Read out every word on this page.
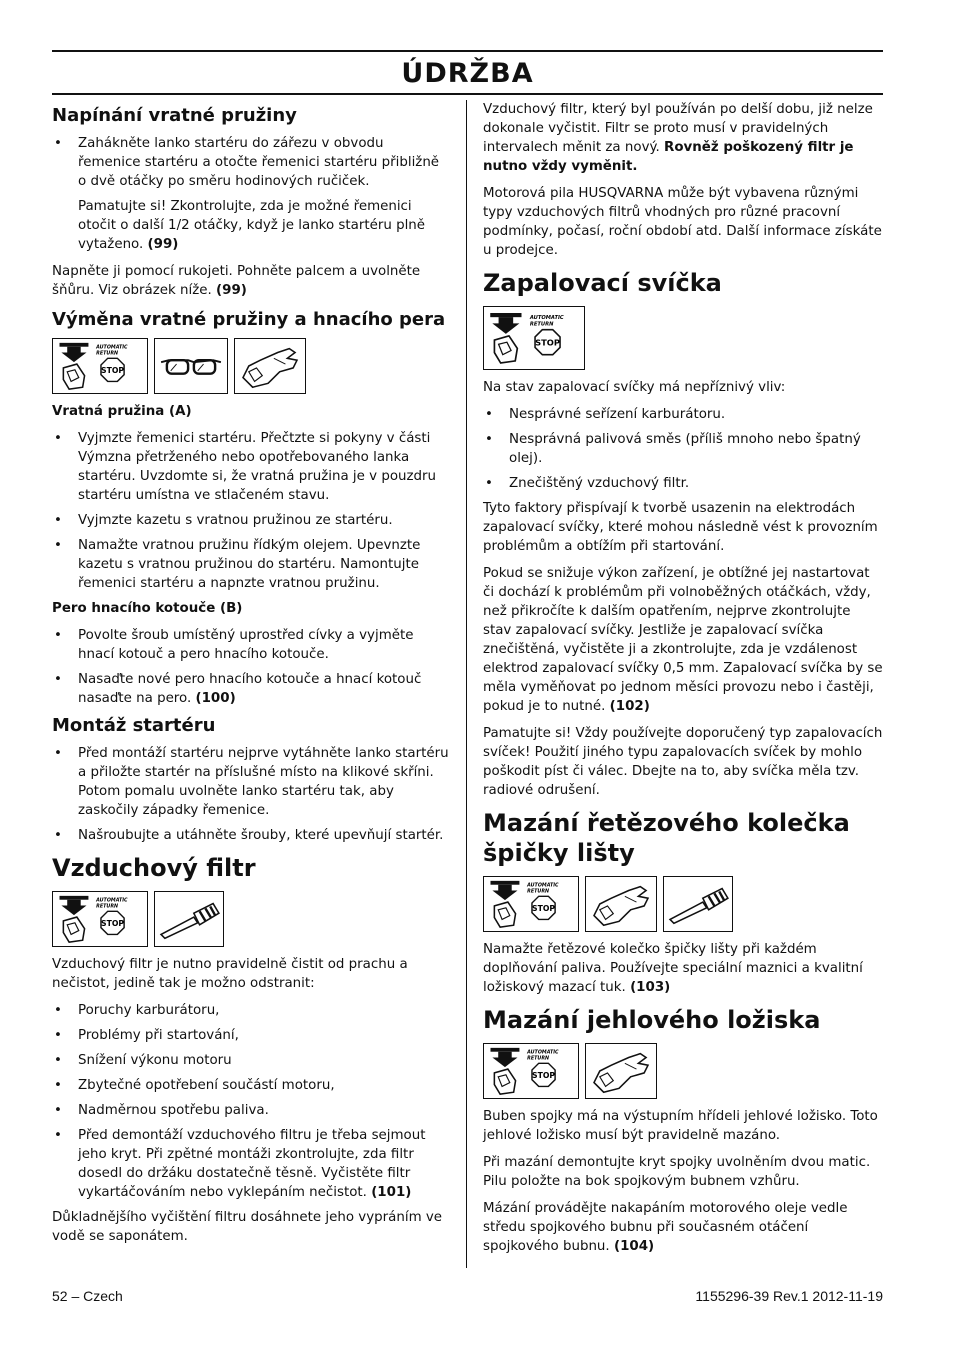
ÚDRŽBA
Napínání vratné pružiny
• Zahákněte lanko startéru do zářezu v obvodu řemenice startéru a otočte řemenici startéru přibližně o dvě otáčky po směru hodinových ručiček.

Pamatujte si! Zkontrolujte, zda je možné řemenici otočit o další 1/2 otáčky, když je lanko startéru plně vytaženo. (99)

Napněte ji pomocí rukojeti. Pohněte palcem a uvolněte šňůru. Viz obrázek níže. (99)

Výměna vratné pružiny a hnacího pera
AUTOMATIC
RETURN
STOP
Vratná pružina (A)
• Vyjmzte řemenici startéru. Přečtzte si pokyny v části Výmzna přetrženého nebo opotřebovaného lanka startéru. Uvzdomte si, že vratná pružina je v pouzdru startéru umístna ve stlačeném stavu.
• Vyjmzte kazetu s vratnou pružinou ze startéru.
• Namažte vratnou pružinu řídkým olejem. Upevnzte kazetu s vratnou pružinou do startéru. Namontujte řemenici startéru a napnzte vratnou pružinu.
Pero hnacího kotouče (B)
• Povolte šroub umístěný uprostřed cívky a vyjměte hnací kotouč a pero hnacího kotouče.
• Nasaďte nové pero hnacího kotouče a hnací kotouč nasaďte na pero. (100)
Montáž startéru
• Před montáží startéru nejprve vytáhněte lanko startéru a přiložte startér na příslušné místo na klikové skříni. Potom pomalu uvolněte lanko startéru tak, aby zaskočily západky řemenice.
• Našroubujte a utáhněte šrouby, které upevňují startér.
Vzduchový filtr
AUTOMATIC
RETURN
STOP

Vzduchový filtr je nutno pravidelně čistit od prachu a nečistot, jedině tak je možno odstranit:

• Poruchy karburátoru,
• Problémy při startování,
• Snížení výkonu motoru
• Zbytečné opotřebení součástí motoru,
• Nadměrnou spotřebu paliva.
• Před demontáží vzduchového filtru je třeba sejmout jeho kryt. Při zpětné montáži zkontrolujte, zda filtr dosedl do držáku dostatečně těsně. Vyčistěte filtr vykartáčováním nebo vyklepáním nečistot. (101)

Důkladnějšího vyčištění filtru dosáhnete jeho vypráním ve vodě se saponátem.

Vzduchový filtr, který byl používán po delší dobu, již nelze dokonale vyčistit. Filtr se proto musí v pravidelných intervalech měnit za nový. Rovněž poškozený filtr je nutno vždy vyměnit.

Motorová pila HUSQVARNA může být vybavena různými typy vzduchových filtrů vhodných pro různé pracovní podmínky, počasí, roční období atd. Další informace získáte u prodejce.

Zapalovací svíčka
AUTOMATIC
RETURN
STOP

Na stav zapalovací svíčky má nepříznivý vliv:

• Nesprávné seřízení karburátoru.
• Nesprávná palivová směs (příliš mnoho nebo špatný olej).
• Znečištěný vzduchový filtr.

Tyto faktory přispívají k tvorbě usazenin na elektrodách zapalovací svíčky, které mohou následně vést k provozním problémům a obtížím při startování.

Pokud se snižuje výkon zařízení, je obtížné jej nastartovat či dochází k problémům při volnoběžných otáčkách, vždy, než přikročíte k dalším opatřením, nejprve zkontrolujte stav zapalovací svíčky. Jestliže je zapalovací svíčka znečištěná, vyčistěte ji a zkontrolujte, zda je vzdálenost elektrod zapalovací svíčky 0,5 mm. Zapalovací svíčka by se měla vyměňovat po jednom měsíci provozu nebo i častěji, pokud je to nutné. (102)

Pamatujte si! Vždy používejte doporučený typ zapalovacích svíček! Použití jiného typu zapalovacích svíček by mohlo poškodit píst či válec. Dbejte na to, aby svíčka měla tzv. radiové odrušení.

Mazání řetězového kolečka špičky lišty
AUTOMATIC
RETURN
STOP

Namažte řetězové kolečko špičky lišty při každém doplňování paliva. Používejte speciální maznici a kvalitní ložiskový mazací tuk. (103)

Mazání jehlového ložiska
AUTOMATIC
RETURN
STOP

Buben spojky má na výstupním hřídeli jehlové ložisko. Toto jehlové ložisko musí být pravidelně mazáno.

Při mazání demontujte kryt spojky uvolněním dvou matic. Pilu položte na bok spojkovým bubnem vzhůru.

Mázání provádějte nakapáním motorového oleje vedle středu spojkového bubnu při současném otáčení spojkového bubnu. (104)

52 – Czech	1155296-39 Rev.1 2012-11-19
